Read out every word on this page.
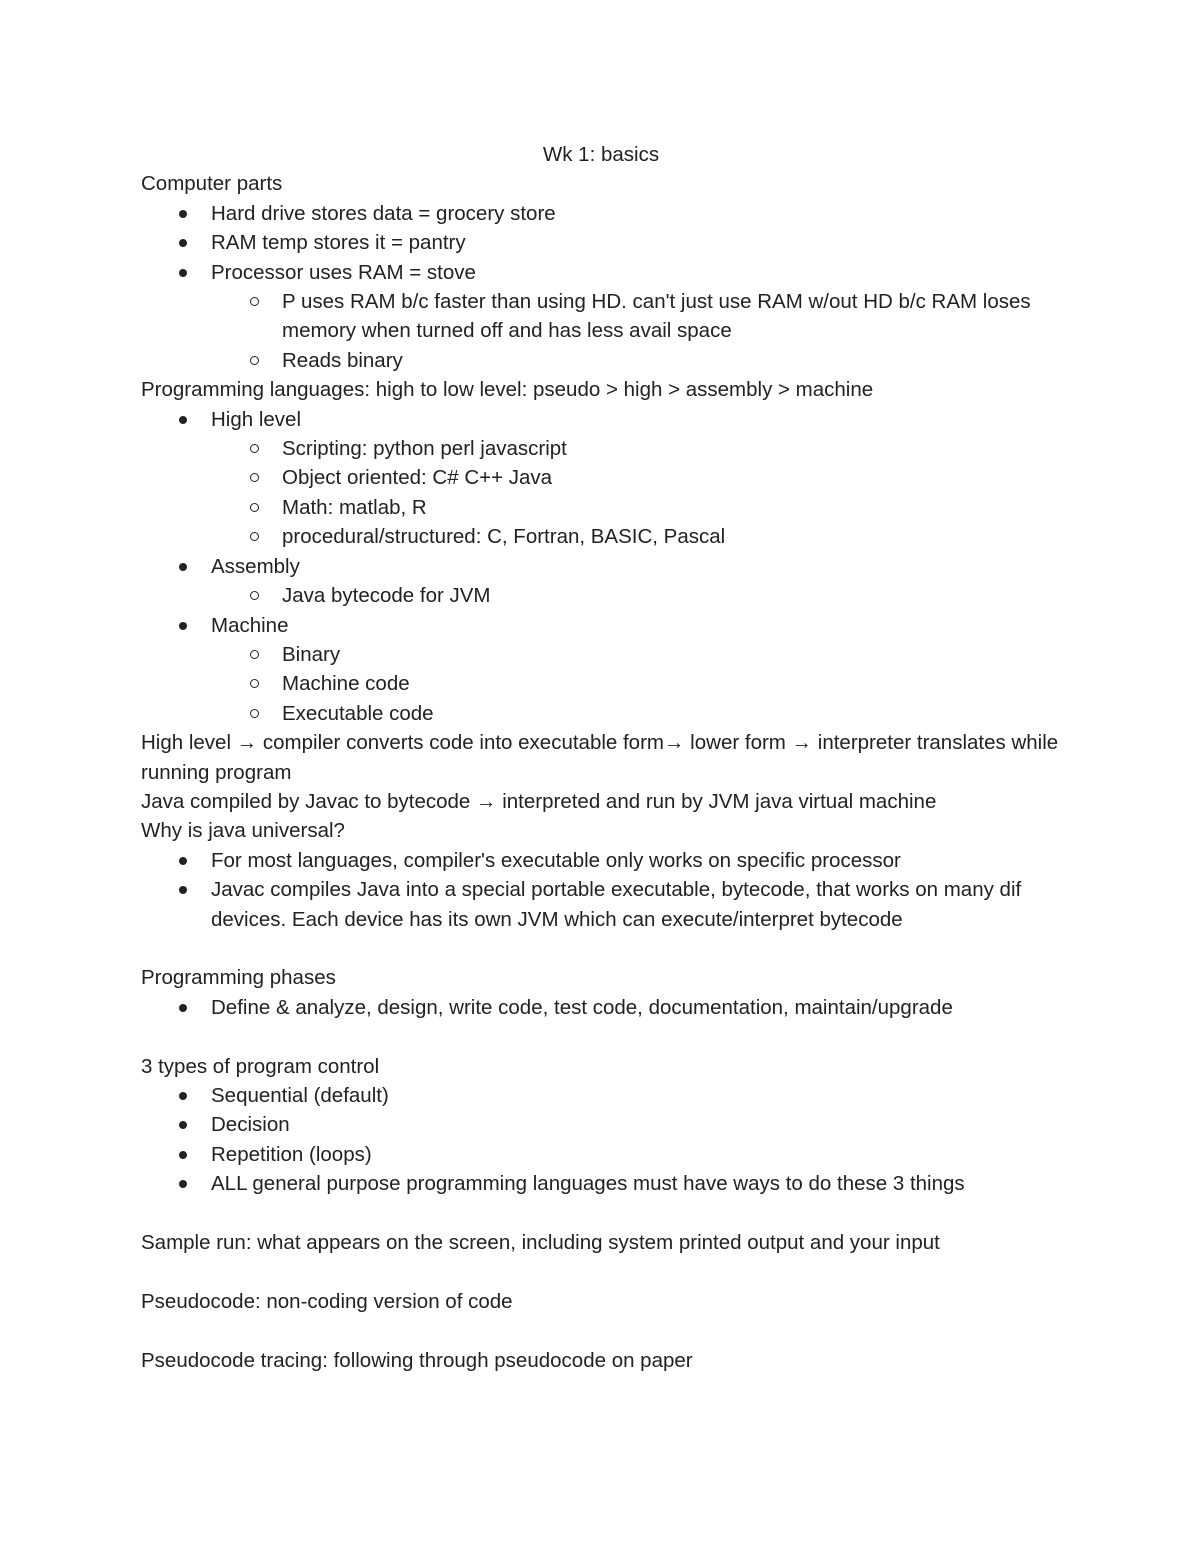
Wk 1: basics
Computer parts
Hard drive stores data = grocery store
RAM temp stores it = pantry
Processor uses RAM = stove
P uses RAM b/c faster than using HD. can't just use RAM w/out HD b/c RAM loses memory when turned off and has less avail space
Reads binary
Programming languages: high to low level: pseudo > high > assembly > machine
High level
Scripting: python perl javascript
Object oriented: C# C++ Java
Math: matlab, R
procedural/structured: C, Fortran, BASIC, Pascal
Assembly
Java bytecode for JVM
Machine
Binary
Machine code
Executable code
High level → compiler converts code into executable form→ lower form → interpreter translates while running program
Java compiled by Javac to bytecode → interpreted and run by JVM java virtual machine
Why is java universal?
For most languages, compiler's executable only works on specific processor
Javac compiles Java into a special portable executable, bytecode, that works on many dif devices. Each device has its own JVM which can execute/interpret bytecode
Programming phases
Define & analyze, design, write code, test code, documentation, maintain/upgrade
3 types of program control
Sequential (default)
Decision
Repetition (loops)
ALL general purpose programming languages must have ways to do these 3 things
Sample run: what appears on the screen, including system printed output and your input
Pseudocode: non-coding version of code
Pseudocode tracing: following through pseudocode on paper
